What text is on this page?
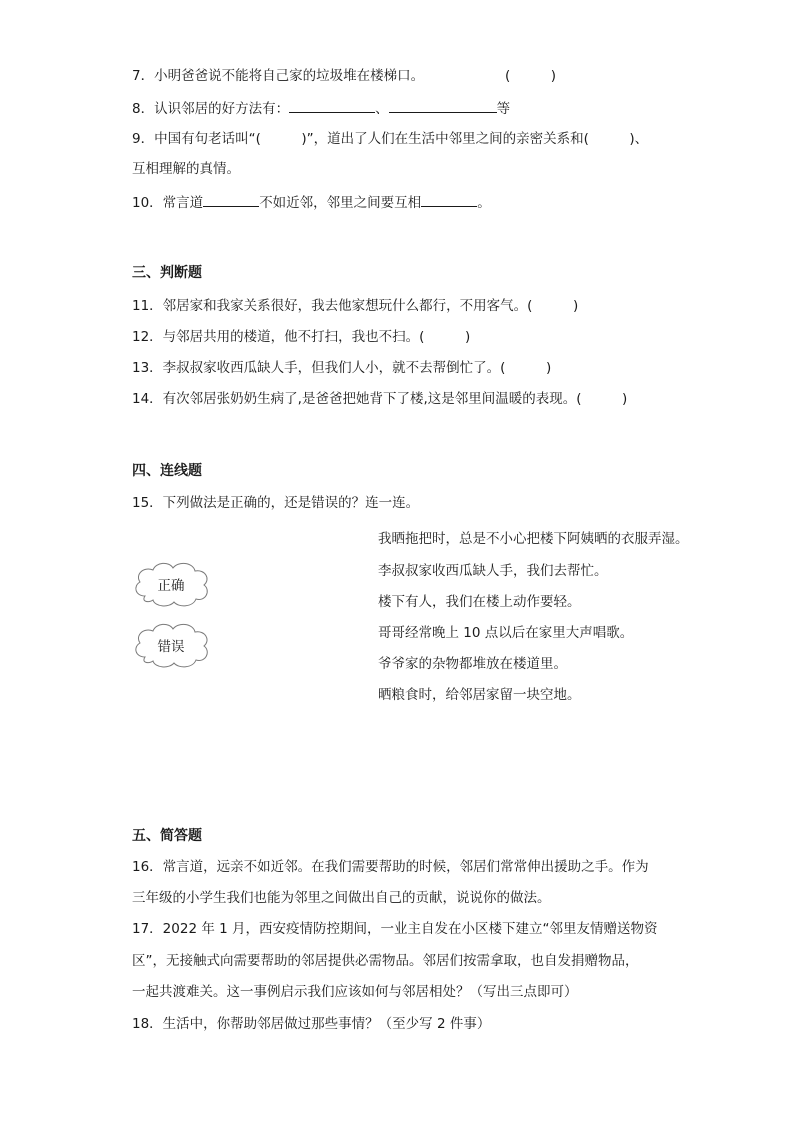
7．小明爸爸说不能将自己家的垃圾堆在楼梯口。	(　　　)
8．认识邻居的好方法有：	、	等
9．中国有句老话叫“(　　　)”，道出了人们在生活中邻里之间的亲密关系和(　　　)、
互相理解的真情。
10．常言道	不如近邻，邻里之间要互相	。
三、判断题
11．邻居家和我家关系很好，我去他家想玩什么都行，不用客气。(　　　)
12．与邻居共用的楼道，他不打扫，我也不扫。(　　　)
13．李叔叔家收西瓜缺人手，但我们人小，就不去帮倒忙了。(　　　)
14．有次邻居张奶奶生病了,是爸爸把她背下了楼,这是邻里间温暖的表现。(　　　)
四、连线题
15．下列做法是正确的，还是错误的？连一连。
正确
错误
我晒拖把时，总是不小心把楼下阿姨晒的衣服弄湿。
李叔叔家收西瓜缺人手，我们去帮忙。
楼下有人，我们在楼上动作要轻。
哥哥经常晚上 10 点以后在家里大声唱歌。
爷爷家的杂物都堆放在楼道里。
晒粮食时，给邻居家留一块空地。
五、简答题
16．常言道，远亲不如近邻。在我们需要帮助的时候，邻居们常常伸出援助之手。作为
三年级的小学生我们也能为邻里之间做出自己的贡献，说说你的做法。
17．2022 年 1 月，西安疫情防控期间，一业主自发在小区楼下建立“邻里友情赠送物资
区”，无接触式向需要帮助的邻居提供必需物品。邻居们按需拿取，也自发捐赠物品，
一起共渡难关。这一事例启示我们应该如何与邻居相处？（写出三点即可）
18．生活中，你帮助邻居做过那些事情？（至少写 2 件事）
